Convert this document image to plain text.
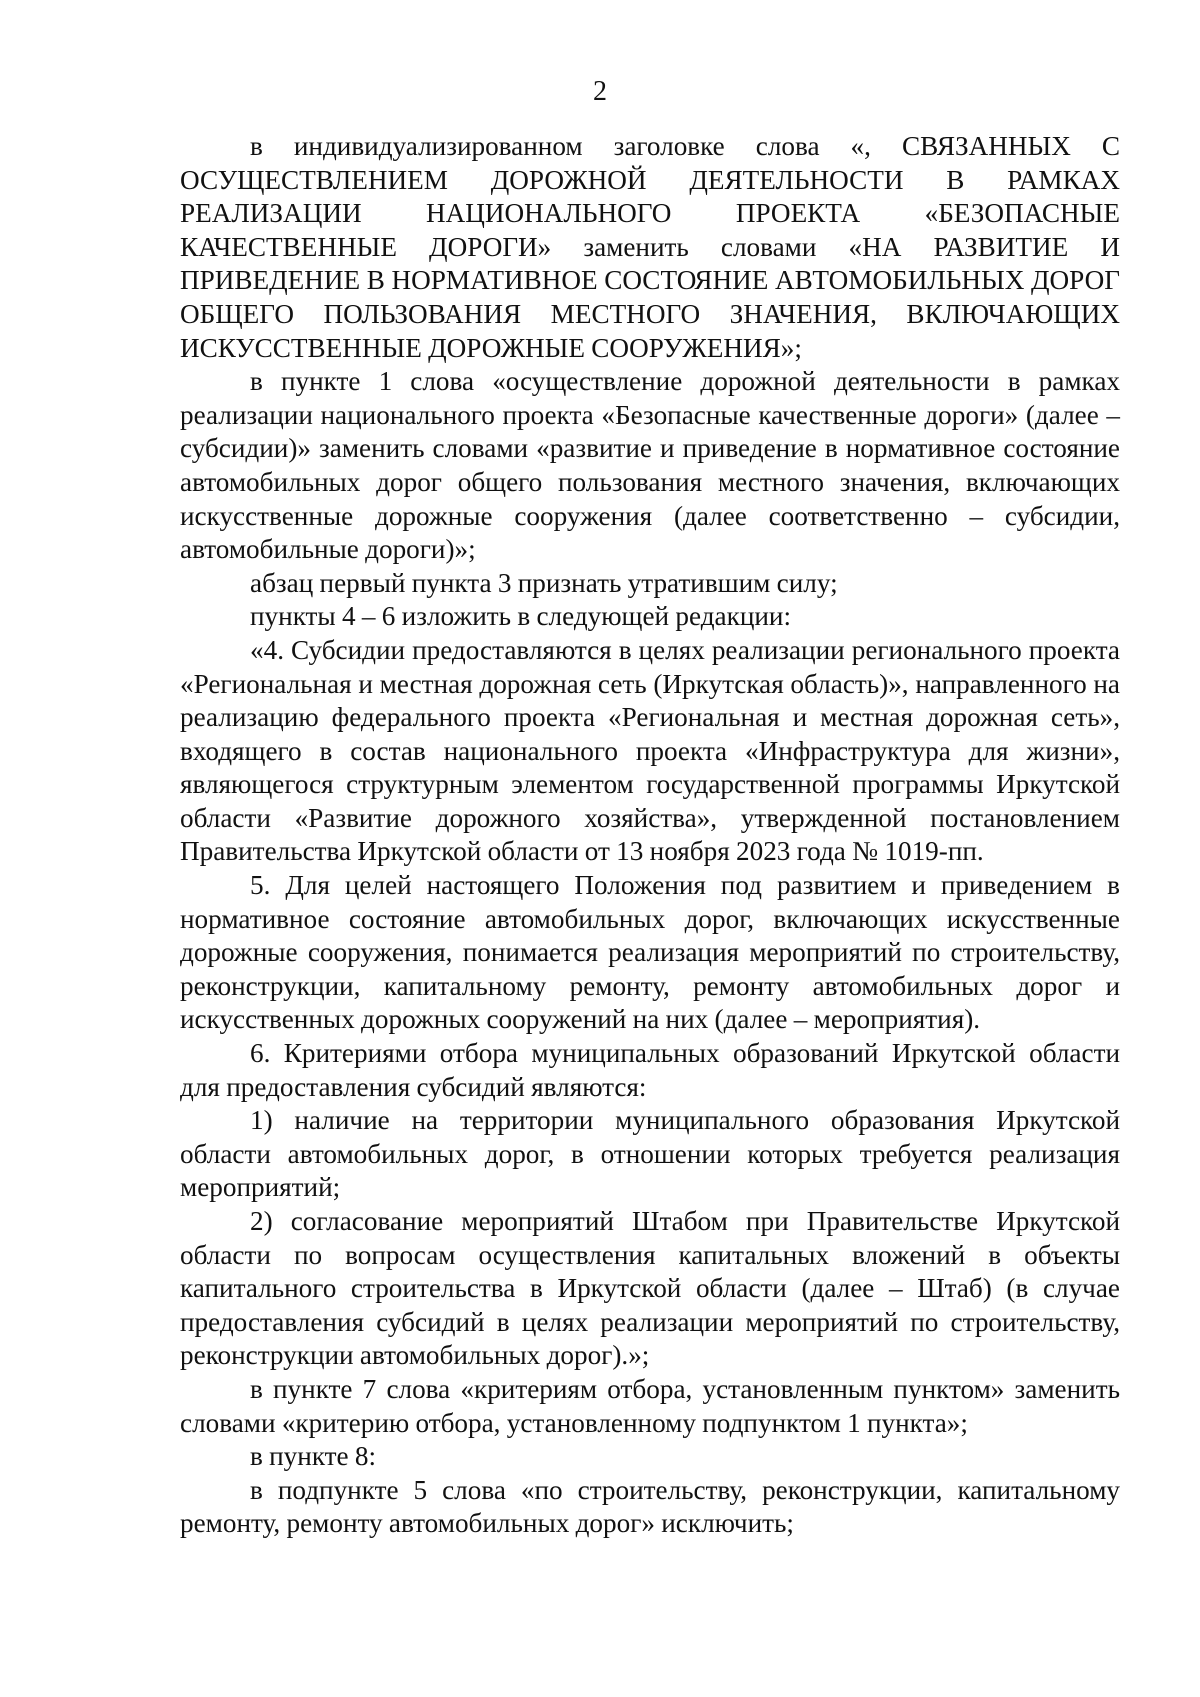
2

в индивидуализированном заголовке слова «, СВЯЗАННЫХ С ОСУЩЕСТВЛЕНИЕМ ДОРОЖНОЙ ДЕЯТЕЛЬНОСТИ В РАМКАХ РЕАЛИЗАЦИИ НАЦИОНАЛЬНОГО ПРОЕКТА «БЕЗОПАСНЫЕ КАЧЕСТВЕННЫЕ ДОРОГИ» заменить словами «НА РАЗВИТИЕ И ПРИВЕДЕНИЕ В НОРМАТИВНОЕ СОСТОЯНИЕ АВТОМОБИЛЬНЫХ ДОРОГ ОБЩЕГО ПОЛЬЗОВАНИЯ МЕСТНОГО ЗНАЧЕНИЯ, ВКЛЮЧАЮЩИХ ИСКУССТВЕННЫЕ ДОРОЖНЫЕ СООРУЖЕНИЯ»;

в пункте 1 слова «осуществление дорожной деятельности в рамках реализации национального проекта «Безопасные качественные дороги» (далее – субсидии)» заменить словами «развитие и приведение в нормативное состояние автомобильных дорог общего пользования местного значения, включающих искусственные дорожные сооружения (далее соответственно – субсидии, автомобильные дороги)»;

абзац первый пункта 3 признать утратившим силу;

пункты 4 – 6 изложить в следующей редакции:

«4. Субсидии предоставляются в целях реализации регионального проекта «Региональная и местная дорожная сеть (Иркутская область)», направленного на реализацию федерального проекта «Региональная и местная дорожная сеть», входящего в состав национального проекта «Инфраструктура для жизни», являющегося структурным элементом государственной программы Иркутской области «Развитие дорожного хозяйства», утвержденной постановлением Правительства Иркутской области от 13 ноября 2023 года № 1019-пп.

5. Для целей настоящего Положения под развитием и приведением в нормативное состояние автомобильных дорог, включающих искусственные дорожные сооружения, понимается реализация мероприятий по строительству, реконструкции, капитальному ремонту, ремонту автомобильных дорог и искусственных дорожных сооружений на них (далее – мероприятия).

6. Критериями отбора муниципальных образований Иркутской области для предоставления субсидий являются:

1) наличие на территории муниципального образования Иркутской области автомобильных дорог, в отношении которых требуется реализация мероприятий;

2) согласование мероприятий Штабом при Правительстве Иркутской области по вопросам осуществления капитальных вложений в объекты капитального строительства в Иркутской области (далее – Штаб) (в случае предоставления субсидий в целях реализации мероприятий по строительству, реконструкции автомобильных дорог).»;

в пункте 7 слова «критериям отбора, установленным пунктом» заменить словами «критерию отбора, установленному подпунктом 1 пункта»;

в пункте 8:

в подпункте 5 слова «по строительству, реконструкции, капитальному ремонту, ремонту автомобильных дорог» исключить;
